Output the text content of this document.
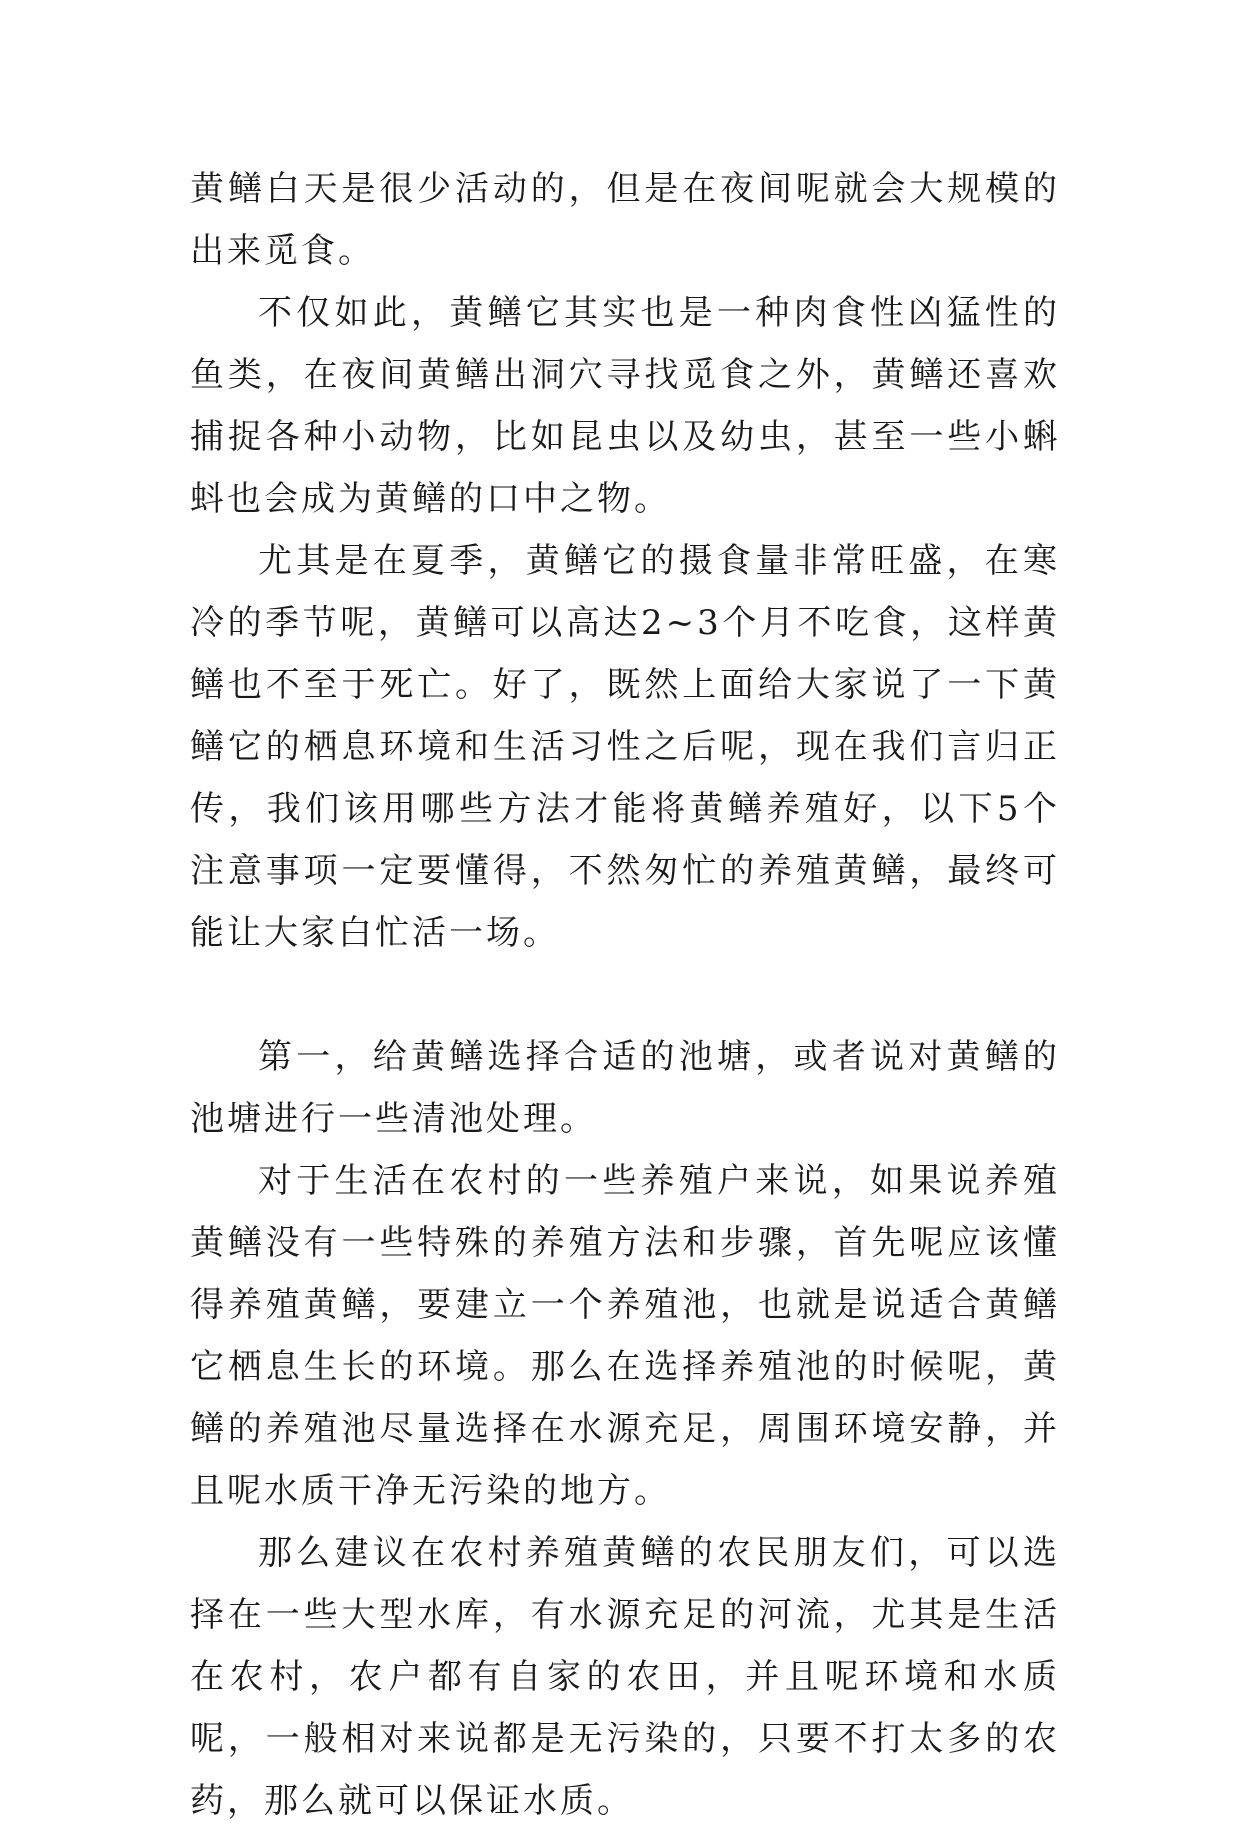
黄鳝白天是很少活动的，但是在夜间呢就会大规模的出来觅食。

不仅如此，黄鳝它其实也是一种肉食性凶猛性的鱼类，在夜间黄鳝出洞穴寻找觅食之外，黄鳝还喜欢捕捉各种小动物，比如昆虫以及幼虫，甚至一些小蝌蚪也会成为黄鳝的口中之物。

尤其是在夏季，黄鳝它的摄食量非常旺盛，在寒冷的季节呢，黄鳝可以高达2~3个月不吃食，这样黄鳝也不至于死亡。好了，既然上面给大家说了一下黄鳝它的栖息环境和生活习性之后呢，现在我们言归正传，我们该用哪些方法才能将黄鳝养殖好，以下5个注意事项一定要懂得，不然匆忙的养殖黄鳝，最终可能让大家白忙活一场。

第一，给黄鳝选择合适的池塘，或者说对黄鳝的池塘进行一些清池处理。

对于生活在农村的一些养殖户来说，如果说养殖黄鳝没有一些特殊的养殖方法和步骤，首先呢应该懂得养殖黄鳝，要建立一个养殖池，也就是说适合黄鳝它栖息生长的环境。那么在选择养殖池的时候呢，黄鳝的养殖池尽量选择在水源充足，周围环境安静，并且呢水质干净无污染的地方。

那么建议在农村养殖黄鳝的农民朋友们，可以选择在一些大型水库，有水源充足的河流，尤其是生活在农村，农户都有自家的农田，并且呢环境和水质呢，一般相对来说都是无污染的，只要不打太多的农药，那么就可以保证水质。
